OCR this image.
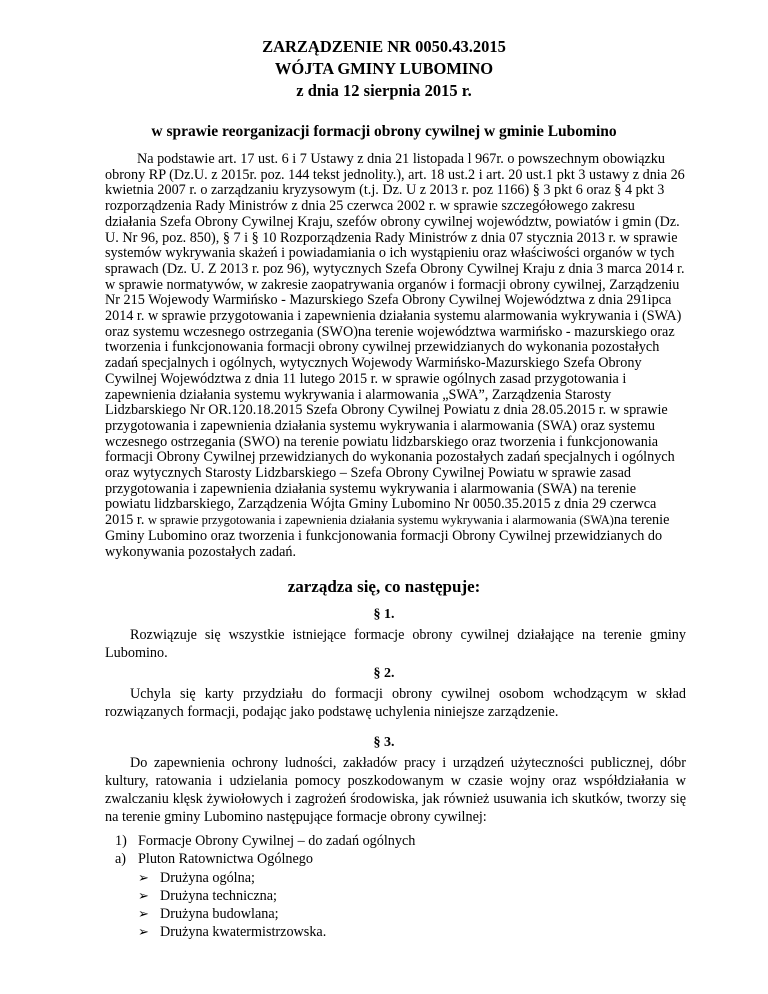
ZARZĄDZENIE NR 0050.43.2015
WÓJTA GMINY LUBOMINO
z dnia 12 sierpnia 2015 r.
w sprawie reorganizacji formacji obrony cywilnej w gminie Lubomino

Na podstawie art. 17 ust. 6 i 7 Ustawy z dnia 21 listopada l 967r. o powszechnym obowiązku obrony RP (Dz.U. z 2015r. poz. 144 tekst jednolity.), art. 18 ust.2 i art. 20 ust.1 pkt 3 ustawy z dnia 26 kwietnia 2007 r. o zarządzaniu kryzysowym (t.j. Dz. U z 2013 r. poz 1166) § 3 pkt 6 oraz § 4 pkt 3 rozporządzenia Rady Ministrów z dnia 25 czerwca 2002 r. w sprawie szczegółowego zakresu działania Szefa Obrony Cywilnej Kraju, szefów obrony cywilnej województw, powiatów i gmin (Dz. U. Nr 96, poz. 850), § 7 i § 10 Rozporządzenia Rady Ministrów z dnia 07 stycznia 2013 r. w sprawie systemów wykrywania skażeń i powiadamiania o ich wystąpieniu oraz właściwości organów w tych sprawach (Dz. U. Z 2013 r. poz 96), wytycznych Szefa Obrony Cywilnej Kraju z dnia 3 marca 2014 r. w sprawie normatywów, w zakresie zaopatrywania organów i formacji obrony cywilnej, Zarządzeniu Nr 215 Wojewody Warmińsko - Mazurskiego Szefa Obrony Cywilnej Województwa z dnia 291ipca 2014 r. w sprawie przygotowania i zapewnienia działania systemu alarmowania wykrywania i (SWA) oraz systemu wczesnego ostrzegania (SWO)na terenie województwa warmińsko - mazurskiego oraz tworzenia i funkcjonowania formacji obrony cywilnej przewidzianych do wykonania pozostałych zadań specjalnych i ogólnych, wytycznych Wojewody Warmińsko-Mazurskiego Szefa Obrony Cywilnej Województwa z dnia 11 lutego 2015 r. w sprawie ogólnych zasad przygotowania i zapewnienia działania systemu wykrywania i alarmowania „SWA”, Zarządzenia Starosty Lidzbarskiego Nr OR.120.18.2015 Szefa Obrony Cywilnej Powiatu z dnia 28.05.2015 r. w sprawie przygotowania i zapewnienia działania systemu wykrywania i alarmowania (SWA) oraz systemu wczesnego ostrzegania (SWO) na terenie powiatu lidzbarskiego oraz tworzenia i funkcjonowania formacji Obrony Cywilnej przewidzianych do wykonania pozostałych zadań specjalnych i ogólnych oraz wytycznych Starosty Lidzbarskiego – Szefa Obrony Cywilnej Powiatu w sprawie zasad przygotowania i zapewnienia działania systemu wykrywania i alarmowania (SWA) na terenie powiatu lidzbarskiego, Zarządzenia Wójta Gminy Lubomino Nr 0050.35.2015 z dnia 29 czerwca 2015 r. w sprawie przygotowania i zapewnienia działania systemu wykrywania i alarmowania (SWA)na terenie Gminy Lubomino oraz tworzenia i funkcjonowania formacji Obrony Cywilnej przewidzianych do wykonywania pozostałych zadań.

zarządza się, co następuje:
§ 1.

Rozwiązuje się wszystkie istniejące formacje obrony cywilnej działające na terenie gminy Lubomino.

§ 2.

Uchyla się karty przydziału do formacji obrony cywilnej osobom wchodzącym w skład rozwiązanych formacji, podając jako podstawę uchylenia niniejsze zarządzenie.

§ 3.

Do zapewnienia ochrony ludności, zakładów pracy i urządzeń użyteczności publicznej, dóbr kultury, ratowania i udzielania pomocy poszkodowanym w czasie wojny oraz współdziałania w zwalczaniu klęsk żywiołowych i zagrożeń środowiska, jak również usuwania ich skutków, tworzy się na terenie gminy Lubomino następujące formacje obrony cywilnej:

1) Formacje Obrony Cywilnej – do zadań ogólnych
a) Pluton Ratownictwa Ogólnego
➢ Drużyna ogólna;
➢ Drużyna techniczna;
➢ Drużyna budowlana;
➢ Drużyna kwatermistrzowska.
